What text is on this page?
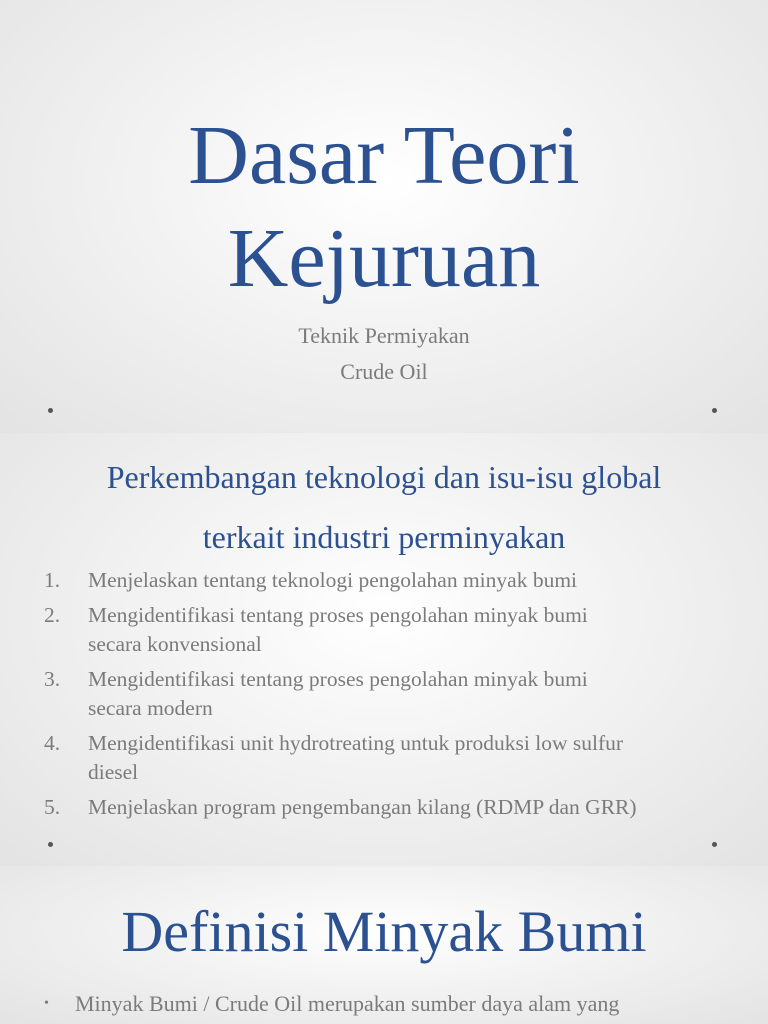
Dasar Teori
Kejuruan
Teknik Permiyakan
Crude Oil
Perkembangan teknologi dan isu-isu global
terkait industri perminyakan
1.	Menjelaskan tentang teknologi pengolahan minyak bumi
2.	Mengidentifikasi tentang proses pengolahan minyak bumi
secara konvensional
3.	Mengidentifikasi tentang proses pengolahan minyak bumi
secara modern
4.	Mengidentifikasi unit hydrotreating untuk produksi low sulfur
diesel
5.	Menjelaskan program pengembangan kilang (RDMP dan GRR)
Definisi Minyak Bumi
•	Minyak Bumi / Crude Oil merupakan sumber daya alam yang
